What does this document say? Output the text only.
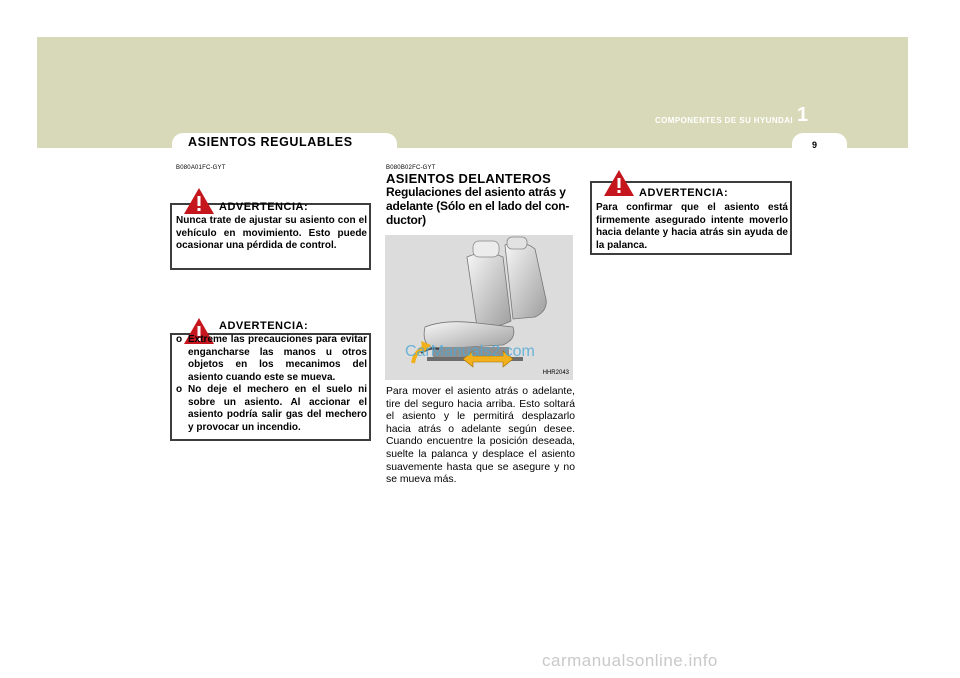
COMPONENTES DE SU HYUNDAI 1
ASIENTOS REGULABLES	9
B080A01FC-GYT
ADVERTENCIA:
Nunca trate de ajustar su asiento con el vehículo en movimiento. Esto puede ocasionar una pérdida de control.
ADVERTENCIA:
o Extreme las precauciones para evitar engancharse las manos u otros objetos en los mecanimos del asiento cuando este se mueva.
o No deje el mechero en el suelo ni sobre un asiento. Al accionar el asiento podría salir gas del mechero y provocar un incendio.
B080B02FC-GYT
ASIENTOS DELANTEROS
Regulaciones del asiento atrás y adelante (Sólo en el lado del con-ductor)
HHR2043
CarManuals2.com
Para mover el asiento atrás o adelante, tire del seguro hacia arriba. Esto soltará el asiento y le permitirá desplazarlo hacia atrás o adelante según desee. Cuando encuentre la posición deseada, suelte la palanca y desplace el asiento suavemente hasta que se asegure y no se mueva más.
ADVERTENCIA:
Para confirmar que el asiento está firmemente asegurado intente moverlo hacia delante y hacia atrás sin ayuda de la palanca.
carmanualsonline.info
